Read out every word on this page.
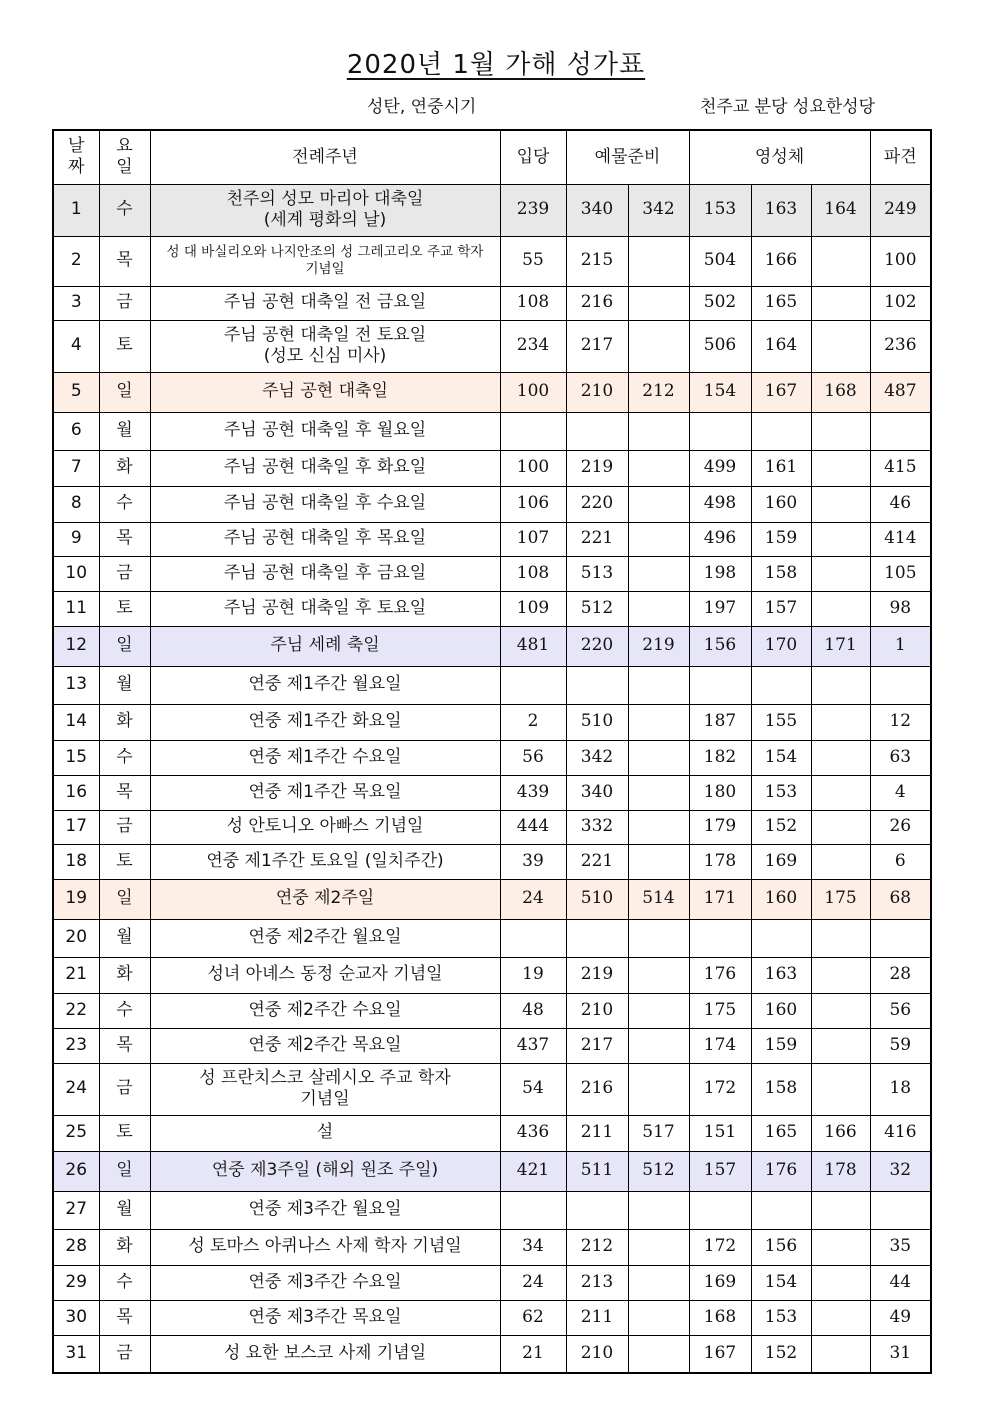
2020년 1월 가해 성가표
성탄, 연중시기	천주교 분당 성요한성당
날
짜	요
일	전례주년	입당	예물준비		영성체			파견
1	수	천주의 성모 마리아 대축일
(세계 평화의 날)	239	340	342	153	163	164	249
2	목	성 대 바실리오와 나지안조의 성 그레고리오 주교 학자
기념일	55	215		504	166		100
3	금	주님 공현 대축일 전 금요일	108	216		502	165		102
4	토	주님 공현 대축일 전 토요일
(성모 신심 미사)	234	217		506	164		236
5	일	주님 공현 대축일	100	210	212	154	167	168	487
6	월	주님 공현 대축일 후 월요일							
7	화	주님 공현 대축일 후 화요일	100	219		499	161		415
8	수	주님 공현 대축일 후 수요일	106	220		498	160		46
9	목	주님 공현 대축일 후 목요일	107	221		496	159		414
10	금	주님 공현 대축일 후 금요일	108	513		198	158		105
11	토	주님 공현 대축일 후 토요일	109	512		197	157		98
12	일	주님 세례 축일	481	220	219	156	170	171	1
13	월	연중 제1주간 월요일							
14	화	연중 제1주간 화요일	2	510		187	155		12
15	수	연중 제1주간 수요일	56	342		182	154		63
16	목	연중 제1주간 목요일	439	340		180	153		4
17	금	성 안토니오 아빠스 기념일	444	332		179	152		26
18	토	연중 제1주간 토요일 (일치주간)	39	221		178	169		6
19	일	연중 제2주일	24	510	514	171	160	175	68
20	월	연중 제2주간 월요일							
21	화	성녀 아녜스 동정 순교자 기념일	19	219		176	163		28
22	수	연중 제2주간 수요일	48	210		175	160		56
23	목	연중 제2주간 목요일	437	217		174	159		59
24	금	성 프란치스코 살레시오 주교 학자
기념일	54	216		172	158		18
25	토	설	436	211	517	151	165	166	416
26	일	연중 제3주일 (해외 원조 주일)	421	511	512	157	176	178	32
27	월	연중 제3주간 월요일							
28	화	성 토마스 아퀴나스 사제 학자 기념일	34	212		172	156		35
29	수	연중 제3주간 수요일	24	213		169	154		44
30	목	연중 제3주간 목요일	62	211		168	153		49
31	금	성 요한 보스코 사제 기념일	21	210		167	152		31
